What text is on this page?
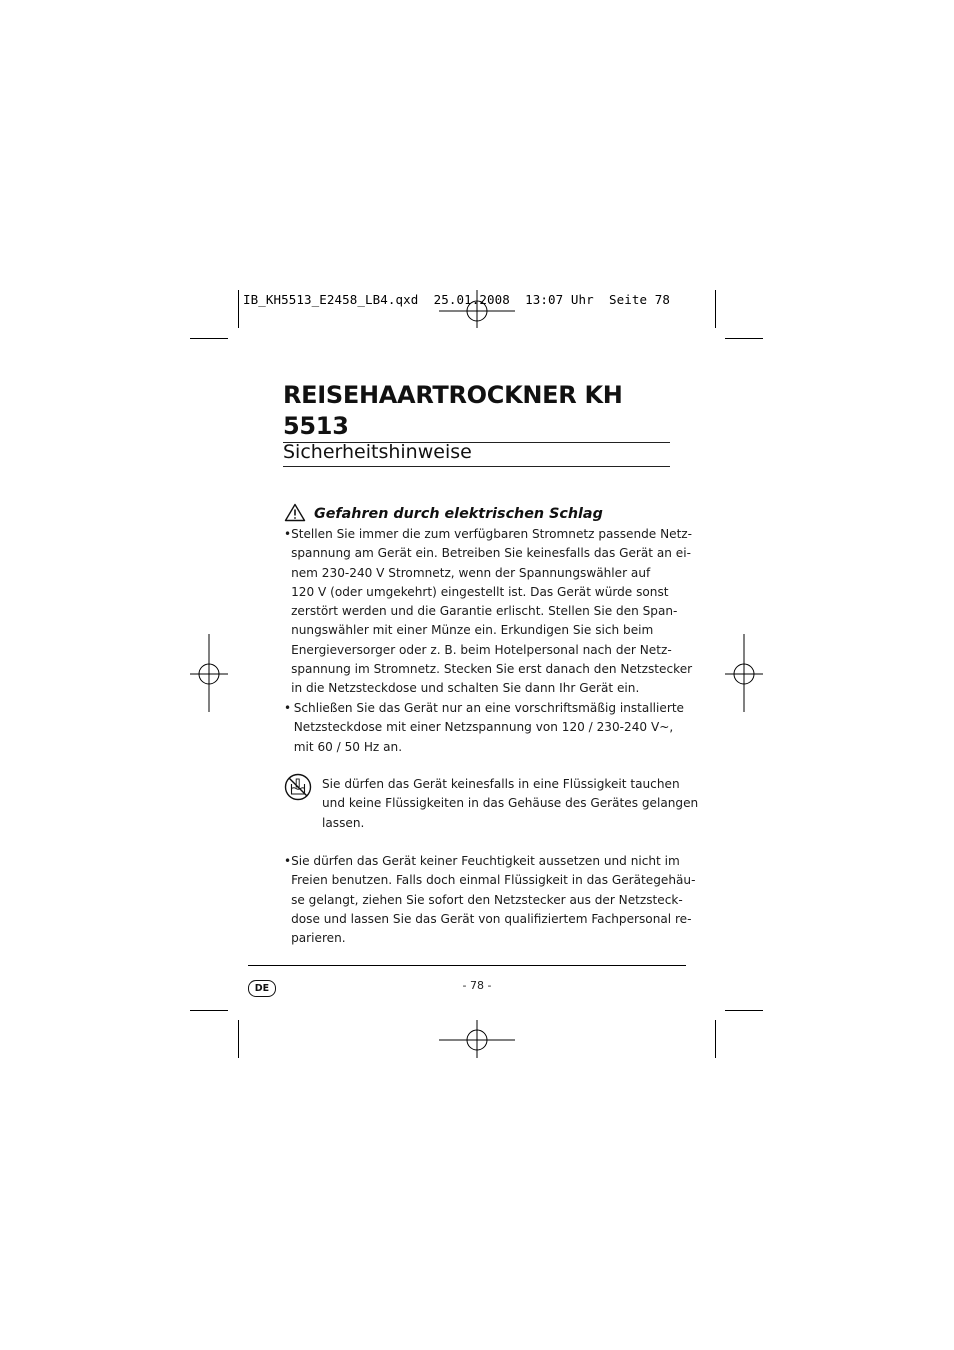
IB_KH5513_E2458_LB4.qxd  25.01.2008  13:07 Uhr  Seite 78
REISEHAARTROCKNER KH 5513
Sicherheitshinweise
Gefahren durch elektrischen Schlag
• Stellen Sie immer die zum verfügbaren Stromnetz passende Netz-
spannung am Gerät ein. Betreiben Sie keinesfalls das Gerät an ei-
nem 230-240 V Stromnetz, wenn der Spannungswähler auf
120 V (oder umgekehrt) eingestellt ist. Das Gerät würde sonst
zerstört werden und die Garantie erlischt. Stellen Sie den Span-
nungswähler mit einer Münze ein. Erkundigen Sie sich beim
Energieversorger oder z. B. beim Hotelpersonal nach der Netz-
spannung im Stromnetz. Stecken Sie erst danach den Netzstecker
in die Netzsteckdose und schalten Sie dann Ihr Gerät ein.
• Schließen Sie das Gerät nur an eine vorschriftsmäßig installierte
Netzsteckdose mit einer Netzspannung von 120 / 230-240 V~,
mit 60 / 50 Hz an.
Sie dürfen das Gerät keinesfalls in eine Flüssigkeit tauchen
und keine Flüssigkeiten in das Gehäuse des Gerätes gelangen
lassen.
• Sie dürfen das Gerät keiner Feuchtigkeit aussetzen und nicht im
Freien benutzen. Falls doch einmal Flüssigkeit in das Gerätegehäu-
se gelangt, ziehen Sie sofort den Netzstecker aus der Netzsteck-
dose und lassen Sie das Gerät von qualifiziertem Fachpersonal re-
parieren.
DE	- 78 -
